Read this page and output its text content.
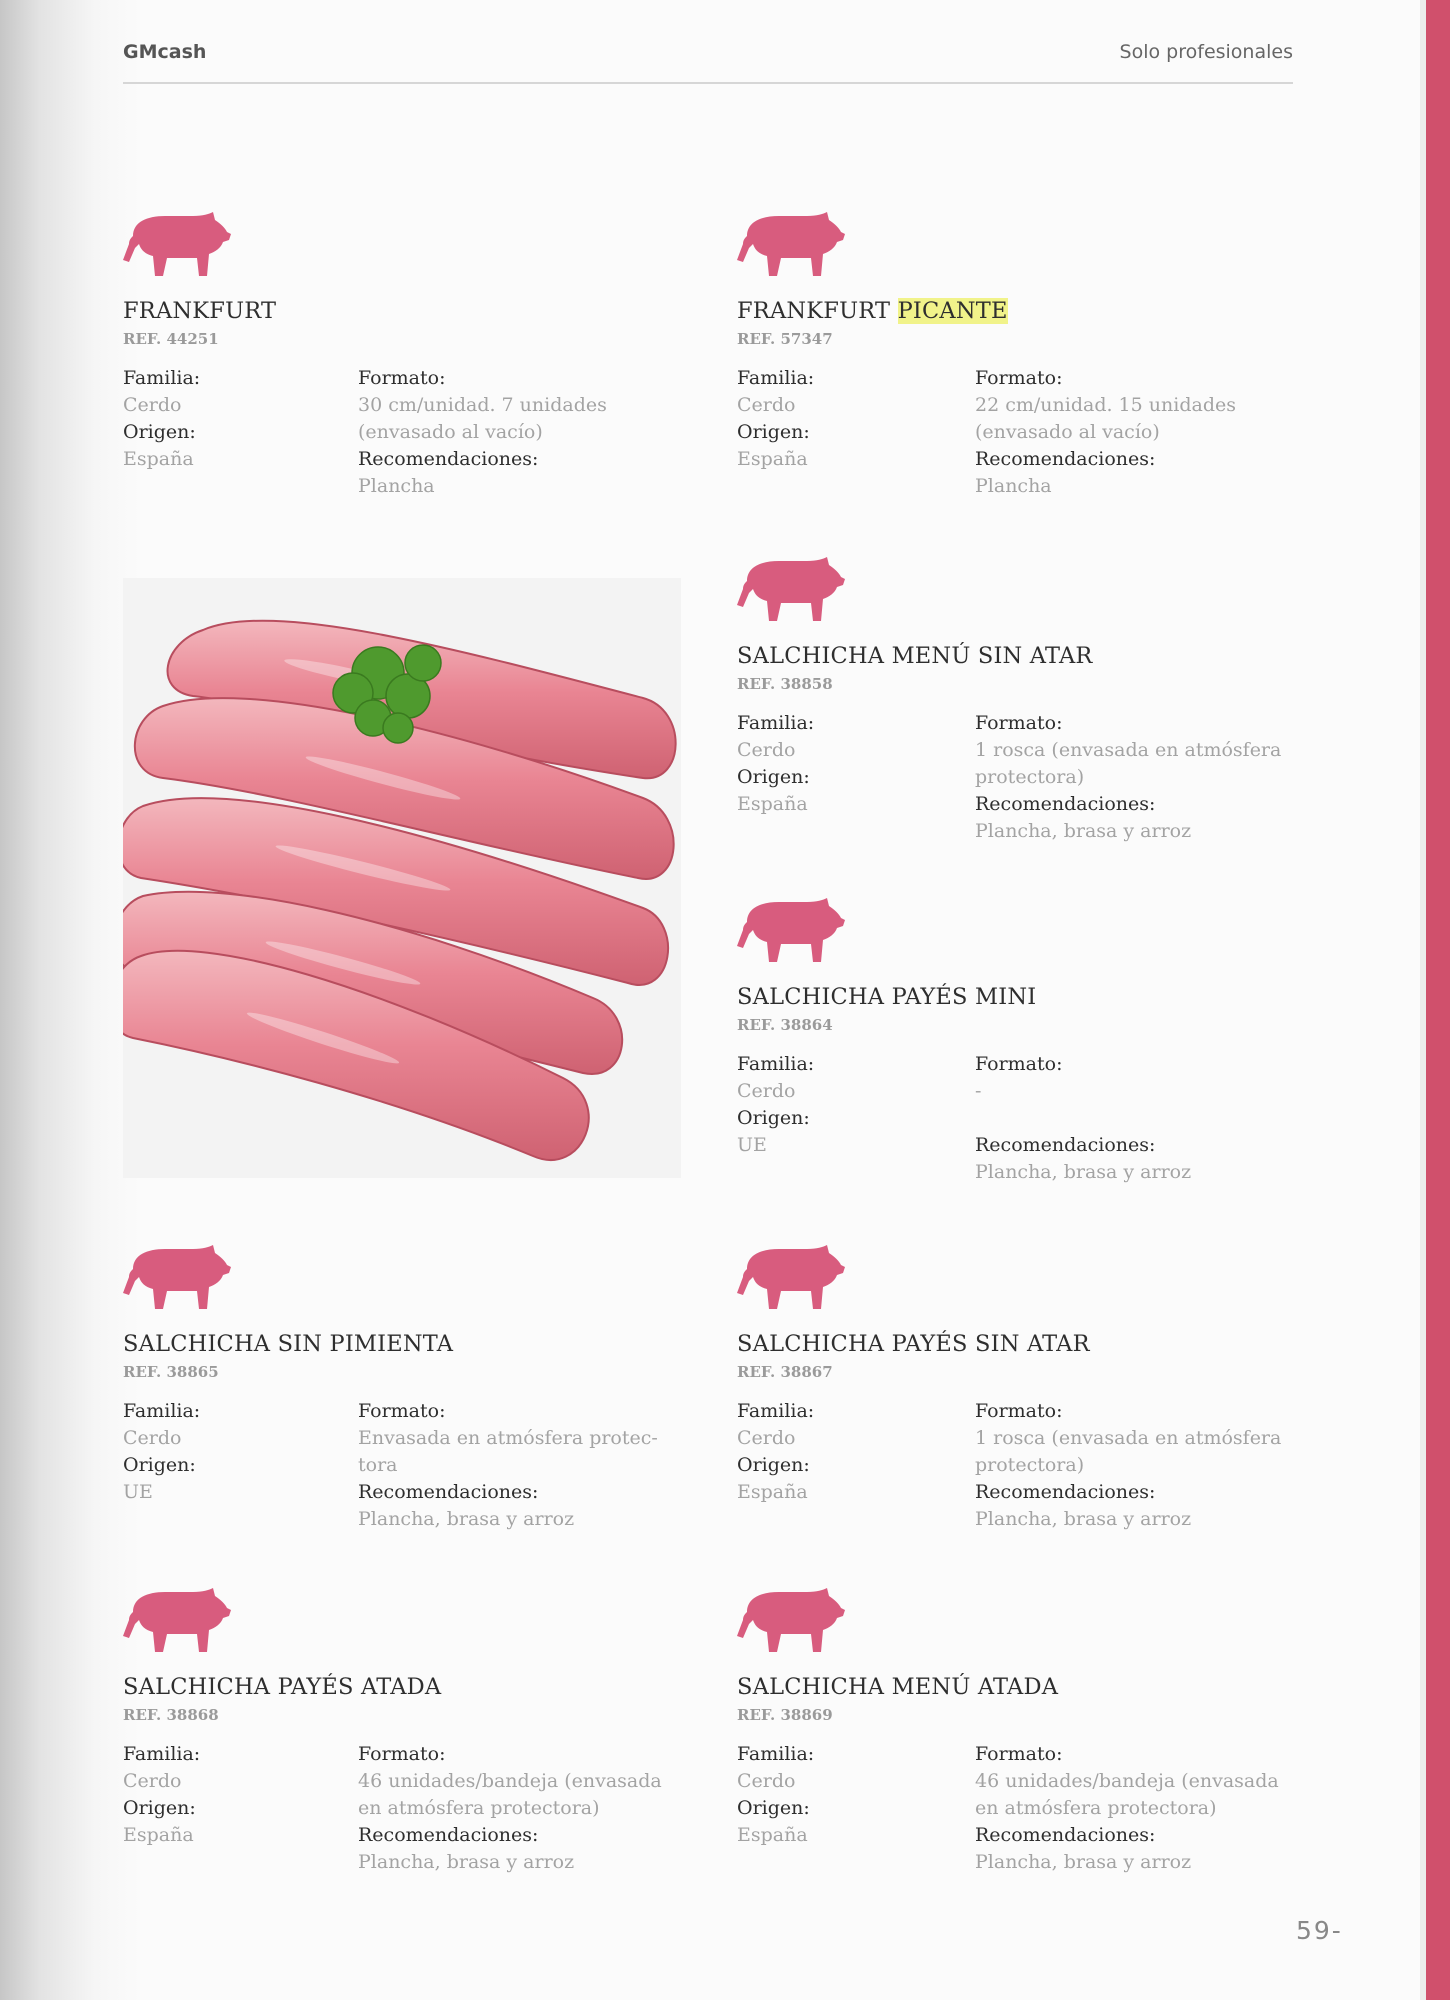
GMcash	Solo profesionales
59-
FRANKFURT
REF. 44251
Familia:
Cerdo
Origen:
España
Formato:
30 cm/unidad. 7 unidades
(envasado al vacío)
Recomendaciones:
Plancha
FRANKFURT PICANTE
REF. 57347
Familia:
Cerdo
Origen:
España
Formato:
22 cm/unidad. 15 unidades
(envasado al vacío)
Recomendaciones:
Plancha
SALCHICHA MENÚ SIN ATAR
REF. 38858
Familia:
Cerdo
Origen:
España
Formato:
1 rosca (envasada en atmósfera
protectora)
Recomendaciones:
Plancha, brasa y arroz
SALCHICHA PAYÉS MINI
REF. 38864
Familia:
Cerdo
Origen:
UE
Formato:
-
Recomendaciones:
Plancha, brasa y arroz
SALCHICHA SIN PIMIENTA
REF. 38865
Familia:
Cerdo
Origen:
UE
Formato:
Envasada en atmósfera protec-
tora
Recomendaciones:
Plancha, brasa y arroz
SALCHICHA PAYÉS SIN ATAR
REF. 38867
Familia:
Cerdo
Origen:
España
Formato:
1 rosca (envasada en atmósfera
protectora)
Recomendaciones:
Plancha, brasa y arroz
SALCHICHA PAYÉS ATADA
REF. 38868
Familia:
Cerdo
Origen:
España
Formato:
46 unidades/bandeja (envasada
en atmósfera protectora)
Recomendaciones:
Plancha, brasa y arroz
SALCHICHA MENÚ ATADA
REF. 38869
Familia:
Cerdo
Origen:
España
Formato:
46 unidades/bandeja (envasada
en atmósfera protectora)
Recomendaciones:
Plancha, brasa y arroz
